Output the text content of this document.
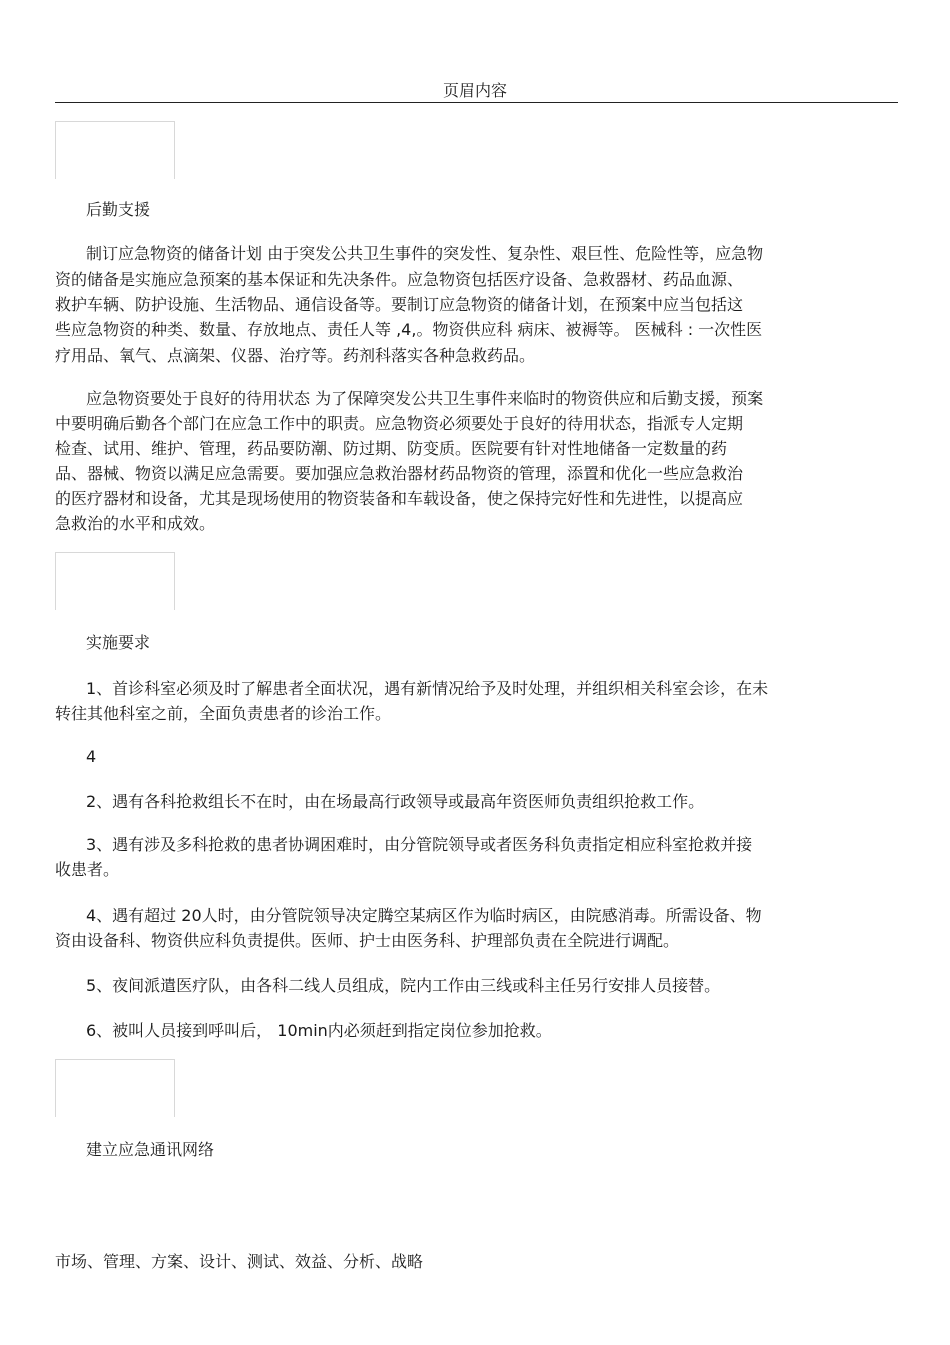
页眉内容
后勤支援
制订应急物资的储备计划 由于突发公共卫生事件的突发性、复杂性、艰巨性、危险性等，应急物
资的储备是实施应急预案的基本保证和先决条件。应急物资包括医疗设备、急救器材、药品血源、
救护车辆、防护设施、生活物品、通信设备等。要制订应急物资的储备计划，在预案中应当包括这
些应急物资的种类、数量、存放地点、责任人等 ,4,。物资供应科 病床、被褥等。 医械科 : 一次性医
疗用品、氧气、点滴架、仪器、治疗等。药剂科落实各种急救药品。
应急物资要处于良好的待用状态 为了保障突发公共卫生事件来临时的物资供应和后勤支援，预案
中要明确后勤各个部门在应急工作中的职责。应急物资必须要处于良好的待用状态，指派专人定期
检查、试用、维护、管理，药品要防潮、防过期、防变质。医院要有针对性地储备一定数量的药
品、器械、物资以满足应急需要。要加强应急救治器材药品物资的管理，添置和优化一些应急救治
的医疗器材和设备，尤其是现场使用的物资装备和车载设备，使之保持完好性和先进性，以提高应
急救治的水平和成效。
实施要求
1、首诊科室必须及时了解患者全面状况，遇有新情况给予及时处理，并组织相关科室会诊，在未
转往其他科室之前，全面负责患者的诊治工作。
4
2、遇有各科抢救组长不在时，由在场最高行政领导或最高年资医师负责组织抢救工作。
3、遇有涉及多科抢救的患者协调困难时，由分管院领导或者医务科负责指定相应科室抢救并接
收患者。
4、遇有超过 20人时，由分管院领导决定腾空某病区作为临时病区，由院感消毒。所需设备、物
资由设备科、物资供应科负责提供。医师、护士由医务科、护理部负责在全院进行调配。
5、夜间派遣医疗队，由各科二线人员组成，院内工作由三线或科主任另行安排人员接替。
6、被叫人员接到呼叫后， 10min内必须赶到指定岗位参加抢救。
建立应急通讯网络
市场、管理、方案、设计、测试、效益、分析、战略
